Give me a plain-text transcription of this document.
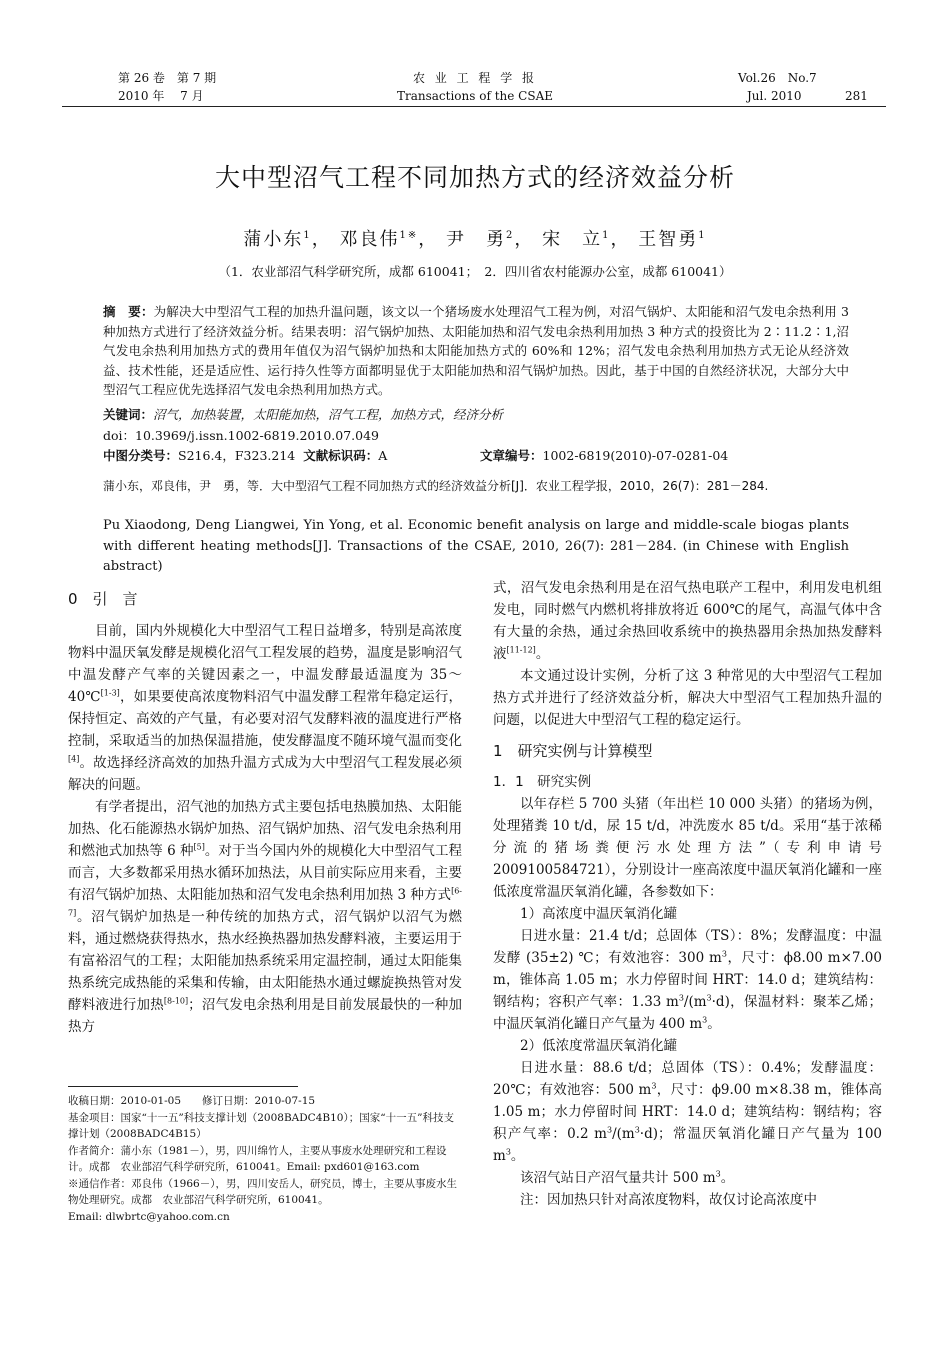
第 26 卷　第 7 期
2010 年　 7 月
农 业 工 程 学 报
Transactions of the CSAE
Vol.26　No.7
Jul. 2010	281
大中型沼气工程不同加热方式的经济效益分析
蒲小东$^1$， 邓良伟$^{1※}$， 尹　勇$^2$， 宋　立$^1$， 王智勇$^1$
（1．农业部沼气科学研究所，成都 610041；　2．四川省农村能源办公室，成都 610041）
摘　要：为解决大中型沼气工程的加热升温问题，该文以一个猪场废水处理沼气工程为例，对沼气锅炉、太阳能和沼气发电余热利用 3 种加热方式进行了经济效益分析。结果表明：沼气锅炉加热、太阳能加热和沼气发电余热利用加热 3 种方式的投资比为 2∶11.2∶1,沼气发电余热利用加热方式的费用年值仅为沼气锅炉加热和太阳能加热方式的 60%和 12%；沼气发电余热利用加热方式无论从经济效益、技术性能，还是适应性、运行持久性等方面都明显优于太阳能加热和沼气锅炉加热。因此，基于中国的自然经济状况，大部分大中型沼气工程应优先选择沼气发电余热利用加热方式。
关键词：沼气，加热装置，太阳能加热，沼气工程，加热方式，经济分析
doi：10.3969/j.issn.1002-6819.2010.07.049
中图分类号：S216.4，F323.214 文献标识码：A	文章编号：1002-6819(2010)-07-0281-04
蒲小东，邓良伟，尹　勇，等．大中型沼气工程不同加热方式的经济效益分析[J]．农业工程学报，2010，26(7)：281－284.
Pu Xiaodong, Deng Liangwei, Yin Yong, et al. Economic benefit analysis on large and middle-scale biogas plants with different heating methods[J]. Transactions of the CSAE, 2010, 26(7): 281－284. (in Chinese with English abstract)
0　引　言

目前，国内外规模化大中型沼气工程日益增多，特别是高浓度物料中温厌氧发酵是规模化沼气工程发展的趋势，温度是影响沼气中温发酵产气率的关键因素之一，中温发酵最适温度为 35～40℃[1-3]，如果要使高浓度物料沼气中温发酵工程常年稳定运行，保持恒定、高效的产气量，有必要对沼气发酵料液的温度进行严格控制，采取适当的加热保温措施，使发酵温度不随环境气温而变化[4]。故选择经济高效的加热升温方式成为大中型沼气工程发展必须解决的问题。

有学者提出，沼气池的加热方式主要包括电热膜加热、太阳能加热、化石能源热水锅炉加热、沼气锅炉加热、沼气发电余热利用和燃池式加热等 6 种[5]。对于当今国内外的规模化大中型沼气工程而言，大多数都采用热水循环加热法，从目前实际应用来看，主要有沼气锅炉加热、太阳能加热和沼气发电余热利用加热 3 种方式[6-7]。沼气锅炉加热是一种传统的加热方式，沼气锅炉以沼气为燃料，通过燃烧获得热水，热水经换热器加热发酵料液，主要运用于有富裕沼气的工程；太阳能加热系统采用定温控制，通过太阳能集热系统完成热能的采集和传输，由太阳能热水通过螺旋换热管对发酵料液进行加热[8-10]；沼气发电余热利用是目前发展最快的一种加热方

收稿日期：2010-01-05　　修订日期：2010-07-15
基金项目：国家“十一五”科技支撑计划（2008BADC4B10）；国家“十一五”科技支撑计划（2008BADC4B15）
作者简介：蒲小东（1981－），男，四川绵竹人，主要从事废水处理研究和工程设计。成都　农业部沼气科学研究所，610041。Email: pxd601@163.com
※通信作者：邓良伟（1966－），男，四川安岳人，研究员，博士，主要从事废水生物处理研究。成都　农业部沼气科学研究所，610041。
Email: dlwbrtc@yahoo.com.cn

式，沼气发电余热利用是在沼气热电联产工程中，利用发电机组发电，同时燃气内燃机将排放将近 600℃的尾气，高温气体中含有大量的余热，通过余热回收系统中的换热器用余热加热发酵料液[11-12]。

本文通过设计实例，分析了这 3 种常见的大中型沼气工程加热方式并进行了经济效益分析，解决大中型沼气工程加热升温的问题，以促进大中型沼气工程的稳定运行。

1　研究实例与计算模型
1．1　研究实例

以年存栏 5 700 头猪（年出栏 10 000 头猪）的猪场为例，处理猪粪 10 t/d，尿 15 t/d，冲洗废水 85 t/d。采用“基于浓稀分流的猪场粪便污水处理方法”（专利申请号 2009100584721），分别设计一座高浓度中温厌氧消化罐和一座低浓度常温厌氧消化罐，各参数如下：

1）高浓度中温厌氧消化罐

日进水量：21.4 t/d；总固体（TS）：8%；发酵温度：中温发酵 (35±2) ℃；有效池容：300 $m^3$，尺寸：ϕ8.00 m×7.00 m，锥体高 1.05 m；水力停留时间 HRT：14.0 d；建筑结构：钢结构；容积产气率：1.33 $m^3/(m^3\cdot d)$，保温材料：聚苯乙烯；中温厌氧消化罐日产气量为 400 $m^3$。

2）低浓度常温厌氧消化罐

日进水量：88.6 t/d；总固体（TS）：0.4%；发酵温度：20℃；有效池容：500 $m^3$，尺寸：ϕ9.00 m×8.38 m，锥体高 1.05 m；水力停留时间 HRT：14.0 d；建筑结构：钢结构；容积产气率：0.2 $m^3/(m^3\cdot d)$；常温厌氧消化罐日产气量为 100 $m^3$。

该沼气站日产沼气量共计 500 $m^3$。

注：因加热只针对高浓度物料，故仅讨论高浓度中
